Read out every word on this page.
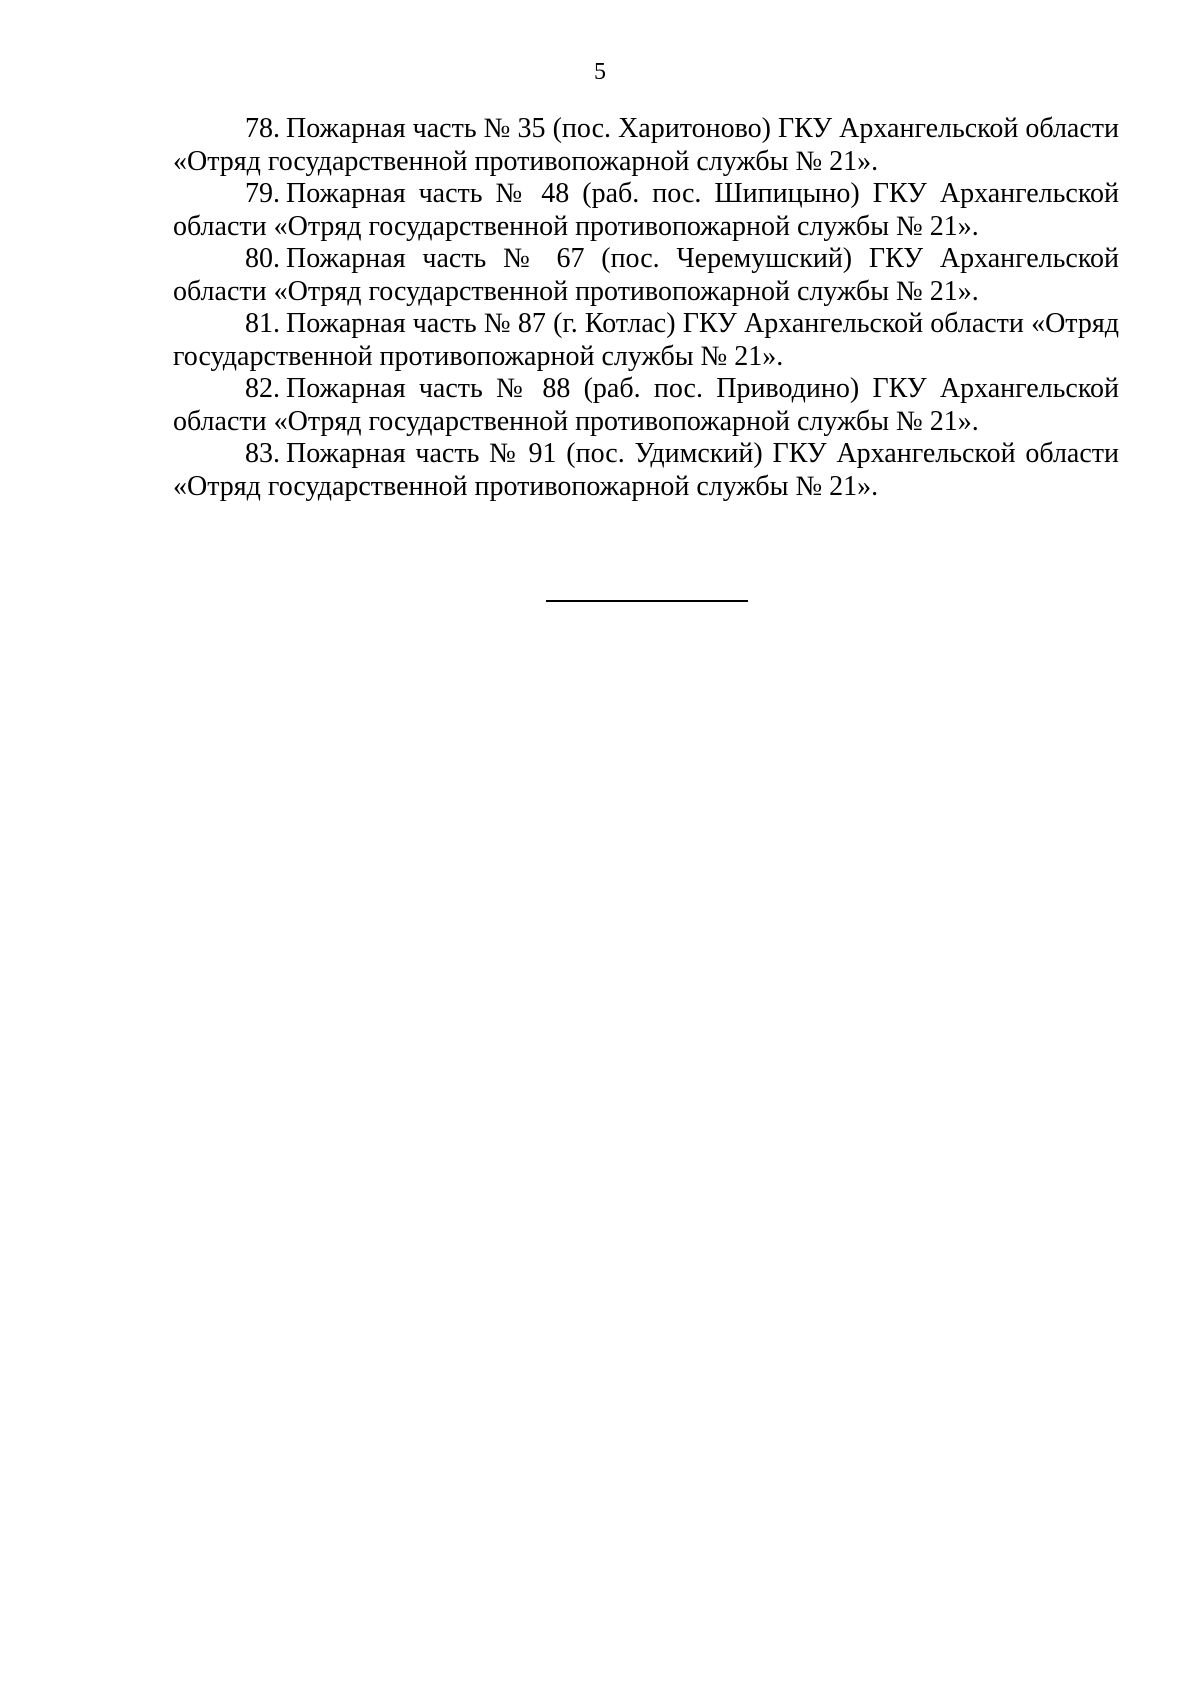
5

78. Пожарная часть № 35 (пос. Харитоново) ГКУ Архангельской области «Отряд государственной противопожарной службы № 21».

79. Пожарная часть № 48 (раб. пос. Шипицыно) ГКУ Архангельской области «Отряд государственной противопожарной службы № 21».

80. Пожарная часть № 67 (пос. Черемушский) ГКУ Архангельской области «Отряд государственной противопожарной службы № 21».

81. Пожарная часть № 87 (г. Котлас) ГКУ Архангельской области «Отряд государственной противопожарной службы № 21».

82. Пожарная часть № 88 (раб. пос. Приводино) ГКУ Архангельской области «Отряд государственной противопожарной службы № 21».

83. Пожарная часть № 91 (пос. Удимский) ГКУ Архангельской области «Отряд государственной противопожарной службы № 21».
